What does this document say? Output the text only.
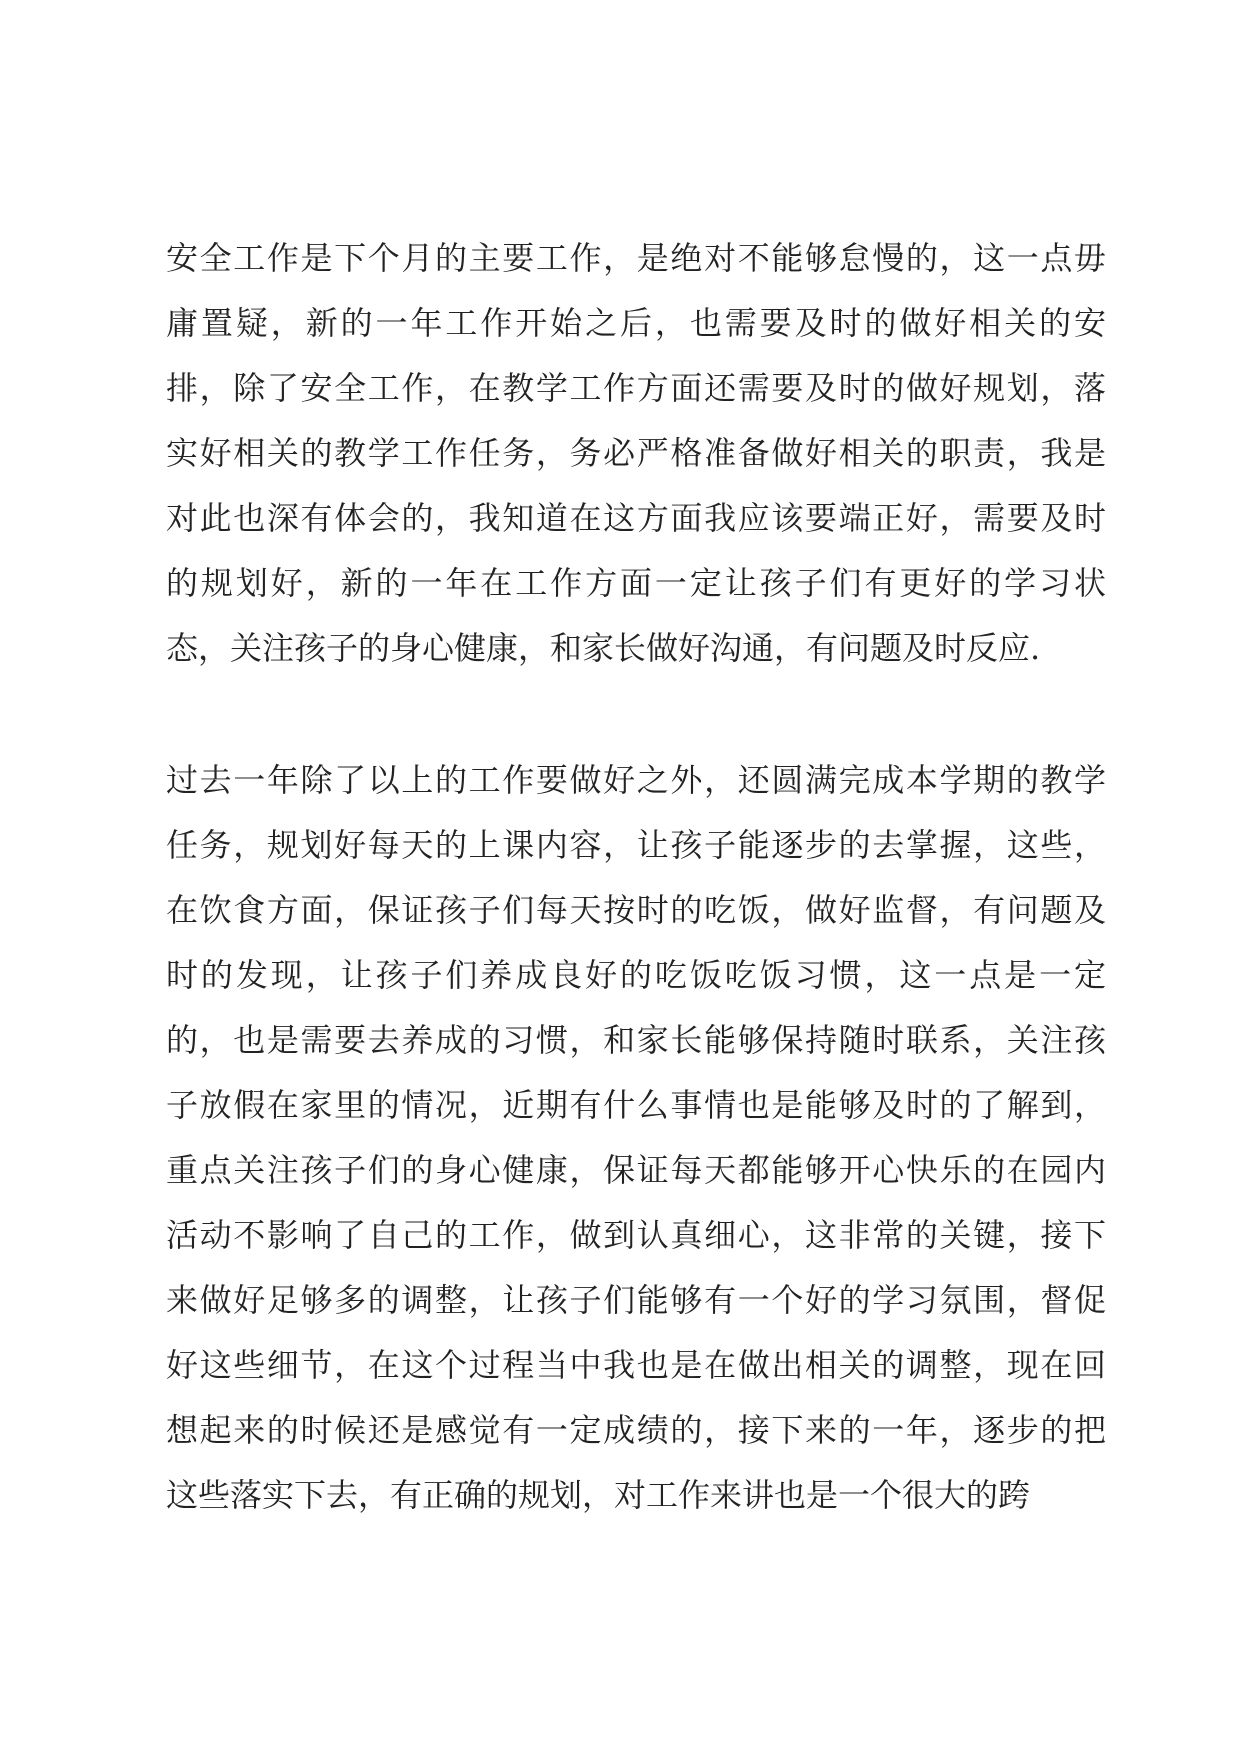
安全工作是下个月的主要工作，是绝对不能够怠慢的，这一点毋
庸置疑，新的一年工作开始之后，也需要及时的做好相关的安
排，除了安全工作，在教学工作方面还需要及时的做好规划，落
实好相关的教学工作任务，务必严格准备做好相关的职责，我是
对此也深有体会的，我知道在这方面我应该要端正好，需要及时
的规划好，新的一年在工作方面一定让孩子们有更好的学习状
态，关注孩子的身心健康，和家长做好沟通，有问题及时反应.
过去一年除了以上的工作要做好之外，还圆满完成本学期的教学
任务，规划好每天的上课内容，让孩子能逐步的去掌握，这些，
在饮食方面，保证孩子们每天按时的吃饭，做好监督，有问题及
时的发现，让孩子们养成良好的吃饭吃饭习惯，这一点是一定
的，也是需要去养成的习惯，和家长能够保持随时联系，关注孩
子放假在家里的情况，近期有什么事情也是能够及时的了解到，
重点关注孩子们的身心健康，保证每天都能够开心快乐的在园内
活动不影响了自己的工作，做到认真细心，这非常的关键，接下
来做好足够多的调整，让孩子们能够有一个好的学习氛围，督促
好这些细节，在这个过程当中我也是在做出相关的调整，现在回
想起来的时候还是感觉有一定成绩的，接下来的一年，逐步的把
这些落实下去，有正确的规划，对工作来讲也是一个很大的跨
